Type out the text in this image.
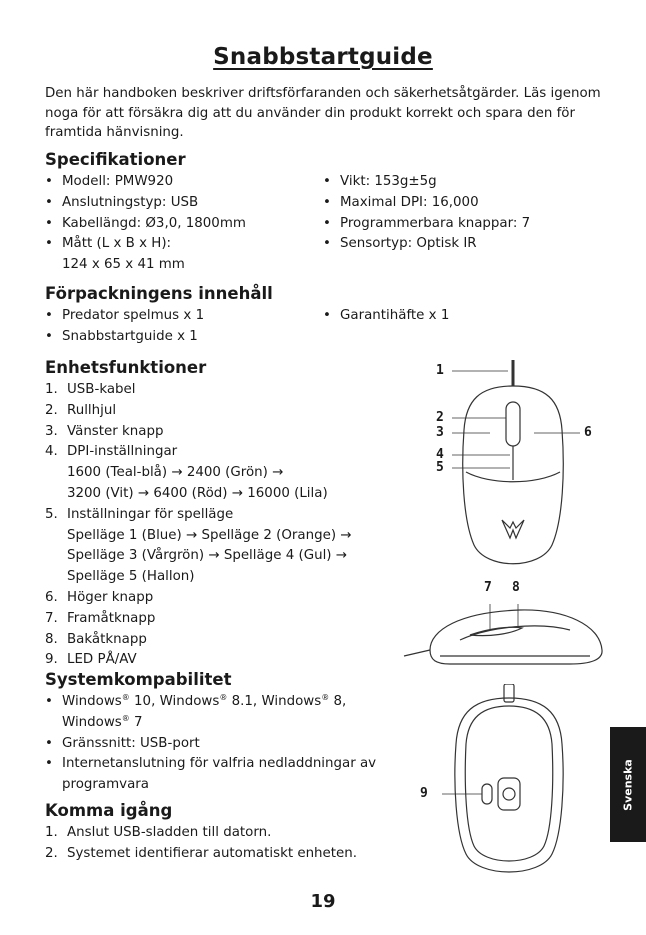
Snabbstartguide
Den här handboken beskriver driftsförfaranden och säkerhetsåtgärder. Läs igenom noga för att försäkra dig att du använder din produkt korrekt och spara den för framtida hänvisning.
Specifikationer
• Modell: PMW920
• Anslutningstyp: USB
• Kabellängd: Ø3,0, 1800mm
• Mått (L x B x H):
124 x 65 x 41 mm
• Vikt: 153g±5g
• Maximal DPI: 16,000
• Programmerbara knappar: 7
• Sensortyp: Optisk IR
Förpackningens innehåll
• Predator spelmus x 1
• Snabbstartguide x 1
• Garantihäfte x 1
Enhetsfunktioner
1. USB-kabel
2. Rullhjul
3. Vänster knapp
4. DPI-inställningar
1600 (Teal-blå) → 2400 (Grön) →
3200 (Vit) → 6400 (Röd) → 16000 (Lila)
5. Inställningar för spelläge
Spelläge 1 (Blue) → Spelläge 2 (Orange) →
Spelläge 3 (Vårgrön) → Spelläge 4 (Gul) →
Spelläge 5 (Hallon)
6. Höger knapp
7. Framåtknapp
8. Bakåtknapp
9. LED PÅ/AV
Systemkompabilitet
• Windows® 10, Windows® 8.1, Windows® 8,
Windows® 7
• Gränssnitt: USB-port
• Internetanslutning för valfria nedladdningar av programvara
Komma igång
1. Anslut USB-sladden till datorn.
2. Systemet identifierar automatiskt enheten.
1
2
3
4
5
6
7 8
9	Svenska
19
